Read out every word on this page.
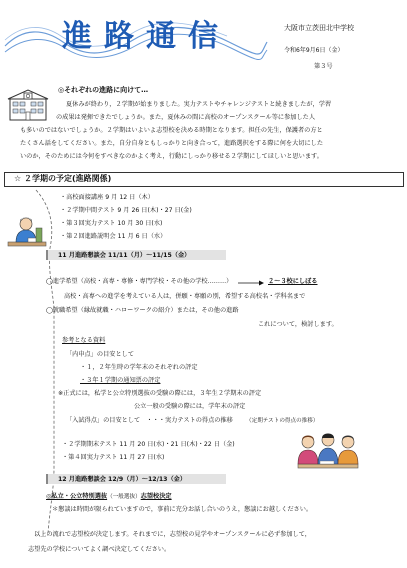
進路通信	大阪市立茨田北中学校
令和6年9月6日（金）
第３号
◎それぞれの進路に向けて…
夏休みが終わり，２学期が始まりました。実力テストやチャレンジテストと続きましたが，学習
の成果は発揮できたでしょうか。また，夏休みの間に高校のオープンスクール等に参加した人
も多いのではないでしょうか。２学期はいよいよ志望校を決める時期となります。担任の先生，保護者の方と
たくさん話をしてください。また，自分自身ともしっかりと向き合って，進路選択をする際に何を大切にした
いのか，そのためには今何をすべきなのかよく考え，行動にしっかり移せる２学期にしてほしいと思います。
☆ ２学期の予定(進路関係)
・高校面接講座 9 月 12 日（木）
・２学期中間テスト 9 月 26 日(木)・27 日(金)
・第３回実力テスト 10 月 30 日(水)
・第２回進路説明会 11 月 6 日（水）
11 月進路懇談会 11/11（月）～11/15（金）
◯進学希望（高校・高専・専修・専門学校・その他の学校………）	２～３校にしぼる
高校・高専への進学を考えている人は，併願・専願の別，希望する高校名・学科名まで
◯就職希望（縁故就職・ハローワークの紹介）または，その他の進路
これについて，検討します。
参考となる資料
「内申点」の目安として
・１，２年生時の学年末のそれぞれの評定
・３年１学期の通知票の評定
※正式には，私学と公立特別選抜の受験の際には，３年生２学期末の評定
公立一般の受験の際には，学年末の評定
「入試得点」の目安として　・・・実力テストの得点の推移 （定期テストの得点の推移）
・２学期期末テスト 11 月 20 日(水)・21 日(木)・22 日（金)
・第４回実力テスト 11 月 27 日(水)
12 月進路懇談会 12/9（月）～12/13（金）
◎私立・公立特別選抜（一般選抜）志望校決定
＊懇談は時間が限られていますので，事前に充分お話し合いのうえ，懇談にお越しください。
以上の流れで志望校が決定します。それまでに，志望校の見学やオープンスクールに必ず参加して，
志望先の学校についてよく調べ決定してください。
